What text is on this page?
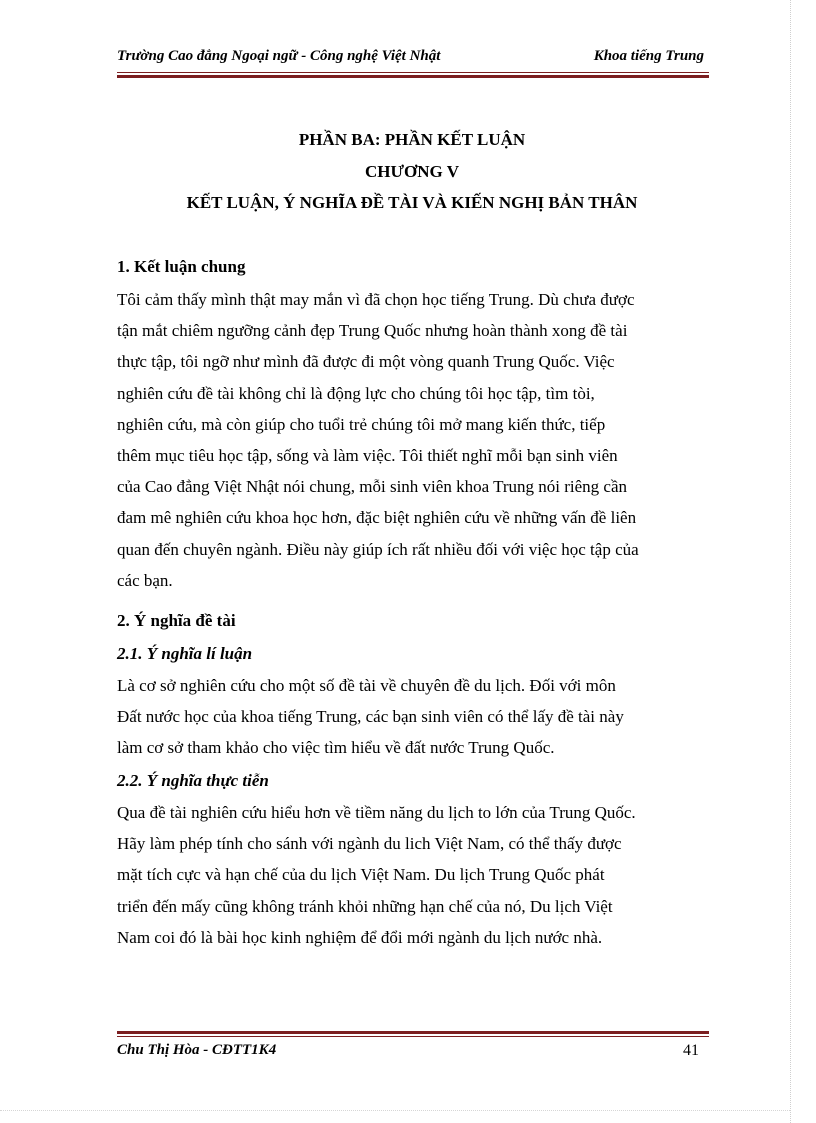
Trường Cao đẳng Ngoại ngữ - Công nghệ Việt Nhật	Khoa tiếng Trung
PHẦN BA: PHẦN KẾT LUẬN
CHƯƠNG V
KẾT LUẬN, Ý NGHĨA ĐỀ TÀI VÀ KIẾN NGHỊ BẢN THÂN
1. Kết luận chung
Tôi cảm thấy mình thật may mắn vì đã chọn học tiếng Trung. Dù chưa được
tận mắt chiêm ngưỡng cảnh đẹp Trung Quốc nhưng hoàn thành xong đề tài
thực tập, tôi ngỡ như mình đã được đi một vòng quanh Trung Quốc. Việc
nghiên cứu đề tài không chỉ là động lực cho chúng tôi học tập, tìm tòi,
nghiên cứu, mà còn giúp cho tuổi trẻ chúng tôi mở mang kiến thức, tiếp
thêm mục tiêu học tập, sống và làm việc. Tôi thiết nghĩ mỗi bạn sinh viên
của Cao đẳng Việt Nhật nói chung, mỗi sinh viên khoa Trung nói riêng cần
đam mê nghiên cứu khoa học hơn, đặc biệt nghiên cứu về những vấn đề liên
quan đến chuyên ngành. Điều này giúp ích rất nhiều đối với việc học tập của
các bạn.
2. Ý nghĩa đề tài
2.1. Ý nghĩa lí luận
Là cơ sở nghiên cứu cho một số đề tài về chuyên đề du lịch. Đối với môn
Đất nước học của khoa tiếng Trung, các bạn sinh viên có thể lấy đề tài này
làm cơ sở tham khảo cho việc tìm hiểu về đất nước Trung Quốc.
2.2. Ý nghĩa thực tiễn
Qua đề tài nghiên cứu hiểu hơn về tiềm năng du lịch to lớn của Trung Quốc.
Hãy làm phép tính cho sánh với ngành du lich Việt Nam, có thể thấy được
mặt tích cực và hạn chế của du lịch Việt Nam. Du lịch Trung Quốc phát
triển đến mấy cũng không tránh khỏi những hạn chế của nó, Du lịch Việt
Nam coi đó là bài học kinh nghiệm để đổi mới ngành du lịch nước nhà.
Chu Thị Hòa - CĐTT1K4	41
